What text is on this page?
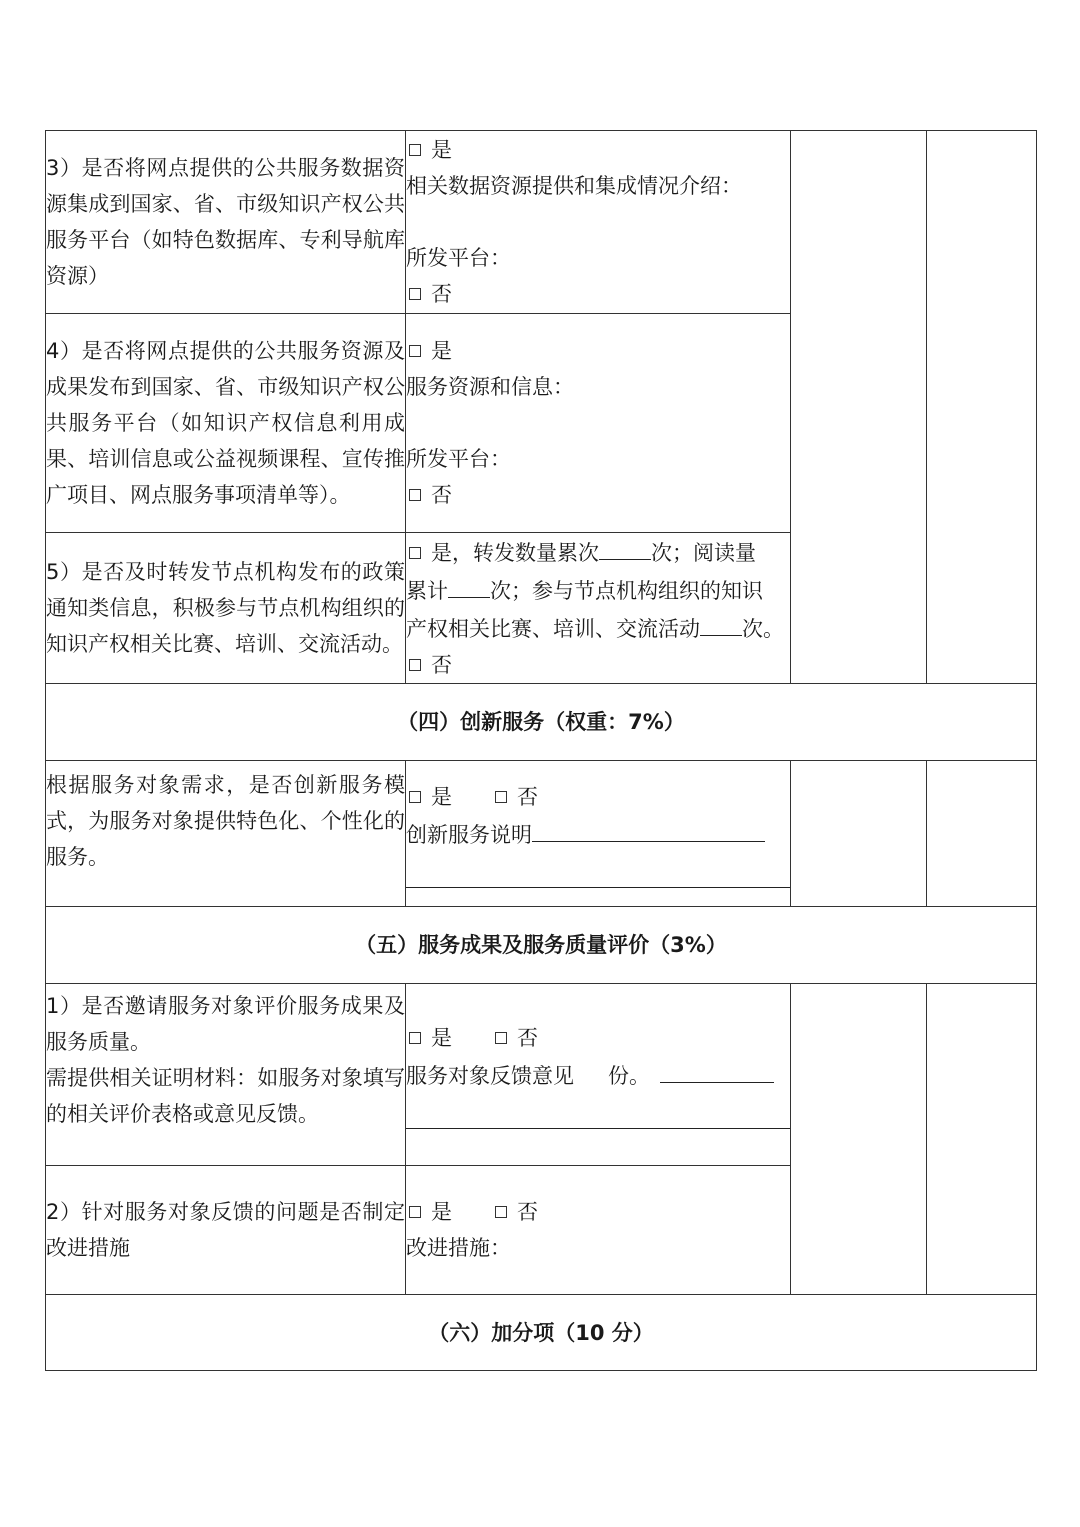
3）是否将网点提供的公共服务数据资源集成到国家、省、市级知识产权公共服务平台（如特色数据库、专利导航库资源）	是
相关数据资源提供和集成情况介绍：
所发平台：
否		

4）是否将网点提供的公共服务资源及成果发布到国家、省、市级知识产权公共服务平台（如知识产权信息利用成果、培训信息或公益视频课程、宣传推广项目、网点服务事项清单等）。	是
服务资源和信息：
所发平台：
否		

5）是否及时转发节点机构发布的政策通知类信息，积极参与节点机构组织的知识产权相关比赛、培训、交流活动。	是，转发数量累次 次；阅读量
累计 次；参与节点机构组织的知识
产权相关比赛、培训、交流活动 次。
否		

（四）创新服务（权重：7%）			
根据服务对象需求，是否创新服务模式，为服务对象提供特色化、个性化的服务。	是 否
创新服务说明		

（五）服务成果及服务质量评价（3%）			

1）是否邀请服务对象评价服务成果及服务质量。
需提供相关证明材料：如服务对象填写的相关评价表格或意见反馈。	是 否
服务对象反馈意见 份。		

2）针对服务对象反馈的问题是否制定改进措施	是 否
改进措施：		

（六）加分项（10 分）			
